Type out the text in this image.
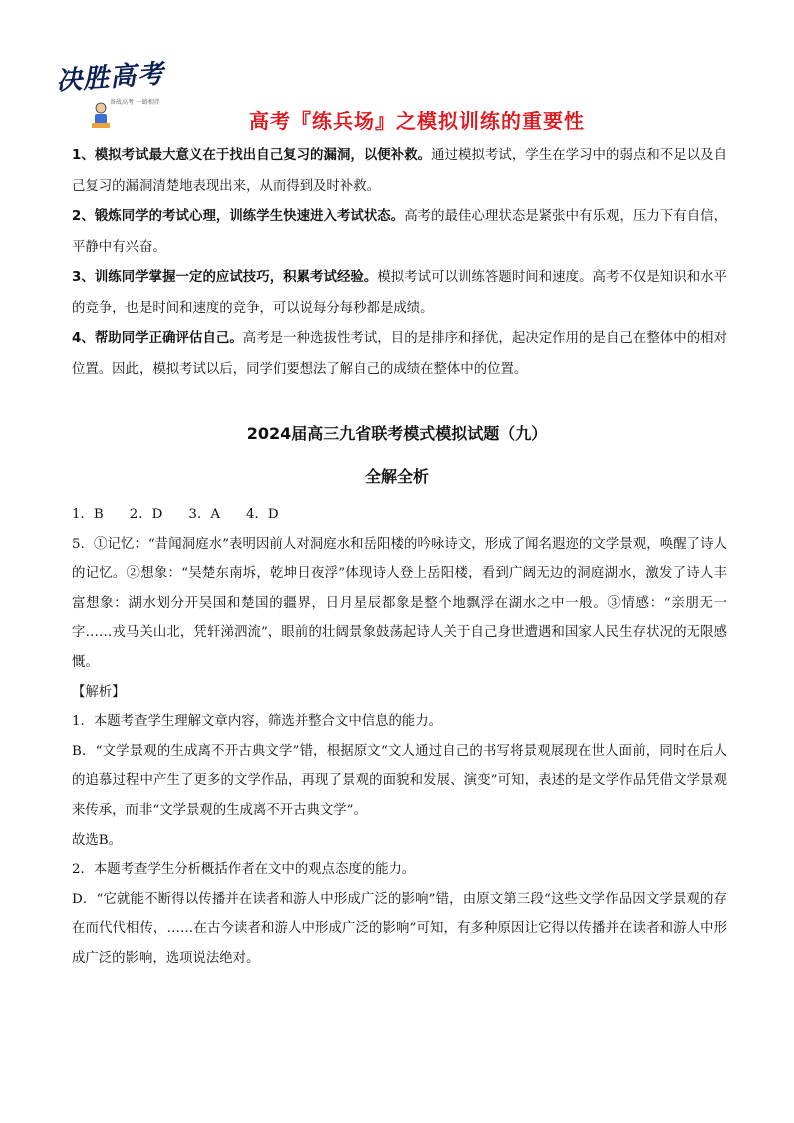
决胜高考
备战高考 一路相伴
高考『练兵场』之模拟训练的重要性

1、模拟考试最大意义在于找出自己复习的漏洞，以便补救。通过模拟考试，学生在学习中的弱点和不足以及自己复习的漏洞清楚地表现出来，从而得到及时补救。

2、锻炼同学的考试心理，训练学生快速进入考试状态。高考的最佳心理状态是紧张中有乐观，压力下有自信，平静中有兴奋。

3、训练同学掌握一定的应试技巧，积累考试经验。模拟考试可以训练答题时间和速度。高考不仅是知识和水平的竞争，也是时间和速度的竞争，可以说每分每秒都是成绩。

4、帮助同学正确评估自己。高考是一种选拔性考试，目的是排序和择优，起决定作用的是自己在整体中的相对位置。因此，模拟考试以后，同学们要想法了解自己的成绩在整体中的位置。

2024届高三九省联考模式模拟试题（九）
全解全析

1．B 2．D 3．A 4．D

5．①记忆：“昔闻洞庭水”表明因前人对洞庭水和岳阳楼的吟咏诗文，形成了闻名遐迩的文学景观，唤醒了诗人的记忆。②想象：“吴楚东南坼，乾坤日夜浮”体现诗人登上岳阳楼，看到广阔无边的洞庭湖水，激发了诗人丰富想象：湖水划分开吴国和楚国的疆界，日月星辰都象是整个地飘浮在湖水之中一般。③情感：“亲朋无一字……戎马关山北，凭轩涕泗流”，眼前的壮阔景象鼓荡起诗人关于自己身世遭遇和国家人民生存状况的无限感慨。

【解析】

1．本题考查学生理解文章内容，筛选并整合文中信息的能力。

B．“文学景观的生成离不开古典文学”错，根据原文“文人通过自己的书写将景观展现在世人面前，同时在后人的追慕过程中产生了更多的文学作品，再现了景观的面貌和发展、演变”可知，表述的是文学作品凭借文学景观来传承，而非“文学景观的生成离不开古典文学”。

故选B。

2．本题考查学生分析概括作者在文中的观点态度的能力。

D．“它就能不断得以传播并在读者和游人中形成广泛的影响”错，由原文第三段“这些文学作品因文学景观的存在而代代相传，……在古今读者和游人中形成广泛的影响”可知，有多种原因让它得以传播并在读者和游人中形成广泛的影响，选项说法绝对。
